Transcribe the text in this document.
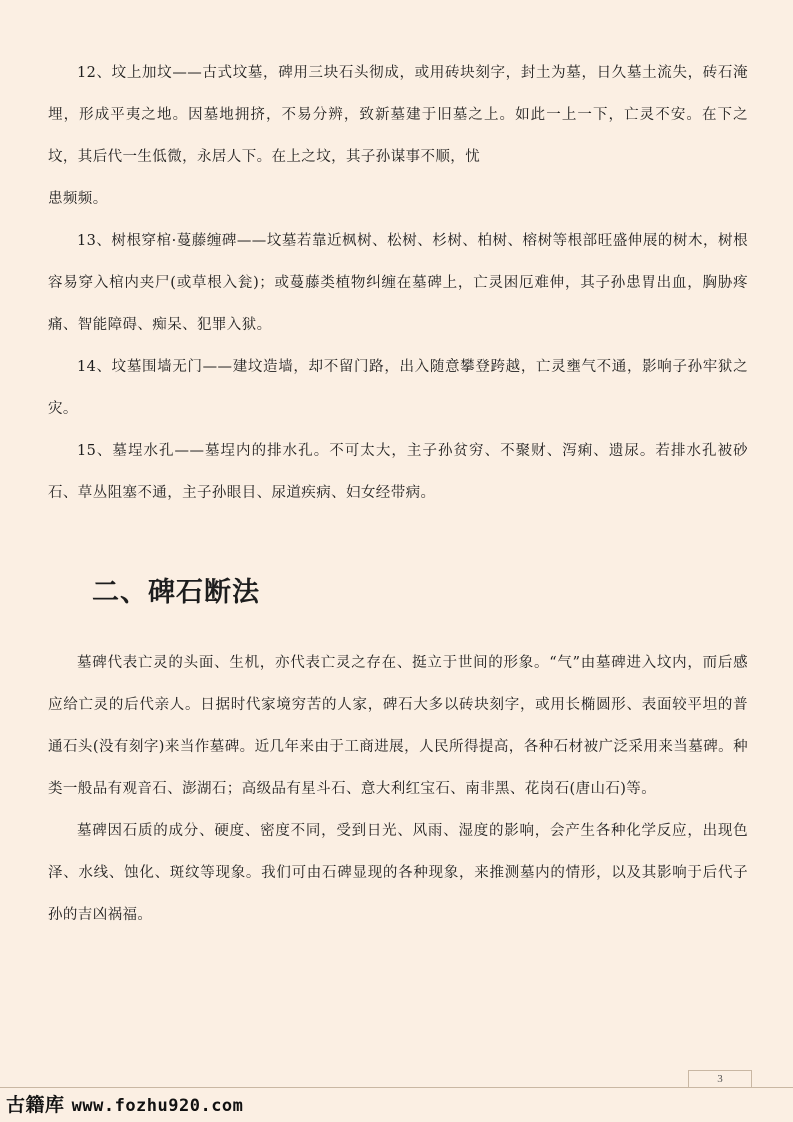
12、坟上加坟——古式坟墓，碑用三块石头彻成，或用砖块刻字，封土为墓，日久墓土流失，砖石淹埋，形成平夷之地。因墓地拥挤，不易分辨，致新墓建于旧墓之上。如此一上一下，亡灵不安。在下之坟，其后代一生低微，永居人下。在上之坟，其子孙谋事不顺，忧

患频频。

13、树根穿棺·蔓藤缠碑——坟墓若靠近枫树、松树、杉树、柏树、榕树等根部旺盛伸展的树木，树根容易穿入棺内夹尸(或草根入瓮)；或蔓藤类植物纠缠在墓碑上，亡灵困厄难伸，其子孙患胃出血，胸胁疼痛、智能障碍、痴呆、犯罪入狱。

14、坟墓围墙无门——建坟造墙，却不留门路，出入随意攀登跨越，亡灵壅气不通，影响子孙牢狱之灾。

15、墓埕水孔——墓埕内的排水孔。不可太大，主子孙贫穷、不聚财、泻痢、遗尿。若排水孔被砂石、草丛阻塞不通，主子孙眼目、尿道疾病、妇女经带病。

二、碑石断法

墓碑代表亡灵的头面、生机，亦代表亡灵之存在、挺立于世间的形象。“气”由墓碑进入坟内，而后感应给亡灵的后代亲人。日据时代家境穷苦的人家，碑石大多以砖块刻字，或用长椭圆形、表面较平坦的普通石头(没有刻字)来当作墓碑。近几年来由于工商进展，人民所得提高，各种石材被广泛采用来当墓碑。种类一般品有观音石、澎湖石；高级品有星斗石、意大利红宝石、南非黑、花岗石(唐山石)等。

墓碑因石质的成分、硬度、密度不同，受到日光、风雨、湿度的影响，会产生各种化学反应，出现色泽、水线、蚀化、斑纹等现象。我们可由石碑显现的各种现象，来推测墓内的情形，以及其影响于后代子孙的吉凶祸福。

3
古籍库 www.fozhu920.com
